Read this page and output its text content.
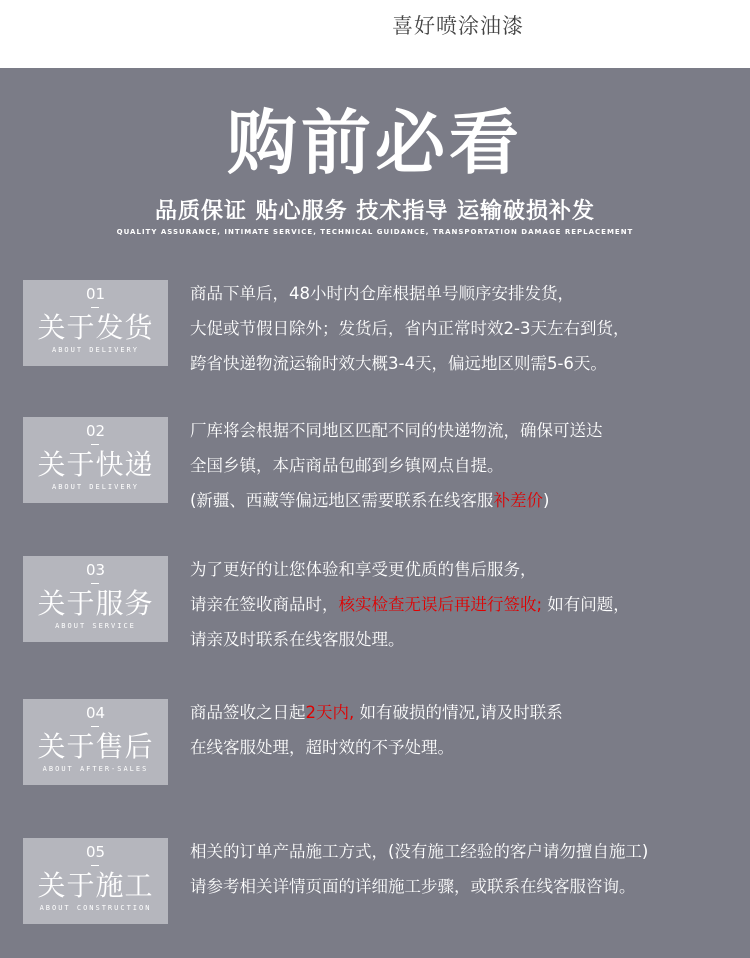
喜好喷涂油漆
购前必看
品质保证 贴心服务 技术指导 运输破损补发
QUALITY ASSURANCE, INTIMATE SERVICE, TECHNICAL GUIDANCE, TRANSPORTATION DAMAGE REPLACEMENT
01
关于发货
ABOUT DELIVERY
商品下单后，48小时内仓库根据单号顺序安排发货，
大促或节假日除外；发货后，省内正常时效2-3天左右到货，
跨省快递物流运输时效大概3-4天，偏远地区则需5-6天。
02
关于快递
ABOUT DELIVERY
厂库将会根据不同地区匹配不同的快递物流，确保可送达
全国乡镇，本店商品包邮到乡镇网点自提。
(新疆、西藏等偏远地区需要联系在线客服补差价)
03
关于服务
ABOUT SERVICE
为了更好的让您体验和享受更优质的售后服务，
请亲在签收商品时，核实检查无误后再进行签收; 如有问题，
请亲及时联系在线客服处理。
04
关于售后
ABOUT AFTER-SALES
商品签收之日起2天内, 如有破损的情况,请及时联系
在线客服处理，超时效的不予处理。
05
关于施工
ABOUT CONSTRUCTION
相关的订单产品施工方式，(没有施工经验的客户请勿擅自施工)
请参考相关详情页面的详细施工步骤，或联系在线客服咨询。
